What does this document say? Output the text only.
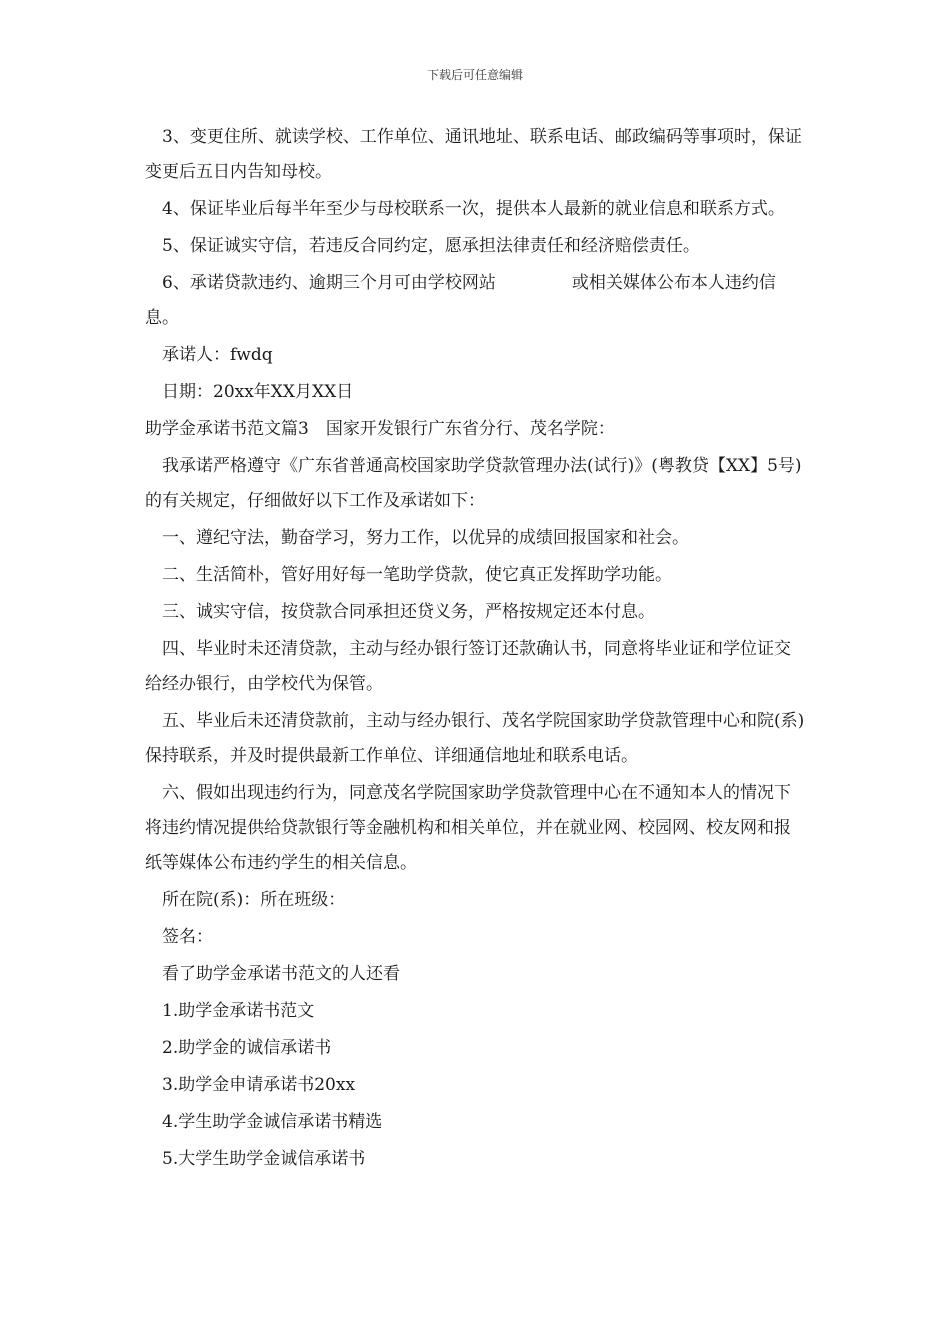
下载后可任意编辑

3、变更住所、就读学校、工作单位、通讯地址、联系电话、邮政编码等事项时，保证变更后五日内告知母校。

4、保证毕业后每半年至少与母校联系一次，提供本人最新的就业信息和联系方式。

5、保证诚实守信，若违反合同约定，愿承担法律责任和经济赔偿责任。

6、承诺贷款违约、逾期三个月可由学校网站	或相关媒体公布本人违约信息。

承诺人：fwdq

日期：20xx年XX月XX日

助学金承诺书范文篇3　国家开发银行广东省分行、茂名学院：

我承诺严格遵守《广东省普通高校国家助学贷款管理办法(试行)》(粤教贷【XX】5号)的有关规定，仔细做好以下工作及承诺如下：

一、遵纪守法，勤奋学习，努力工作，以优异的成绩回报国家和社会。

二、生活简朴，管好用好每一笔助学贷款，使它真正发挥助学功能。

三、诚实守信，按贷款合同承担还贷义务，严格按规定还本付息。

四、毕业时未还清贷款，主动与经办银行签订还款确认书，同意将毕业证和学位证交给经办银行，由学校代为保管。

五、毕业后未还清贷款前，主动与经办银行、茂名学院国家助学贷款管理中心和院(系)保持联系，并及时提供最新工作单位、详细通信地址和联系电话。

六、假如出现违约行为，同意茂名学院国家助学贷款管理中心在不通知本人的情况下将违约情况提供给贷款银行等金融机构和相关单位，并在就业网、校园网、校友网和报纸等媒体公布违约学生的相关信息。

所在院(系)：所在班级：

签名：

看了助学金承诺书范文的人还看

1.助学金承诺书范文

2.助学金的诚信承诺书

3.助学金申请承诺书20xx

4.学生助学金诚信承诺书精选

5.大学生助学金诚信承诺书
